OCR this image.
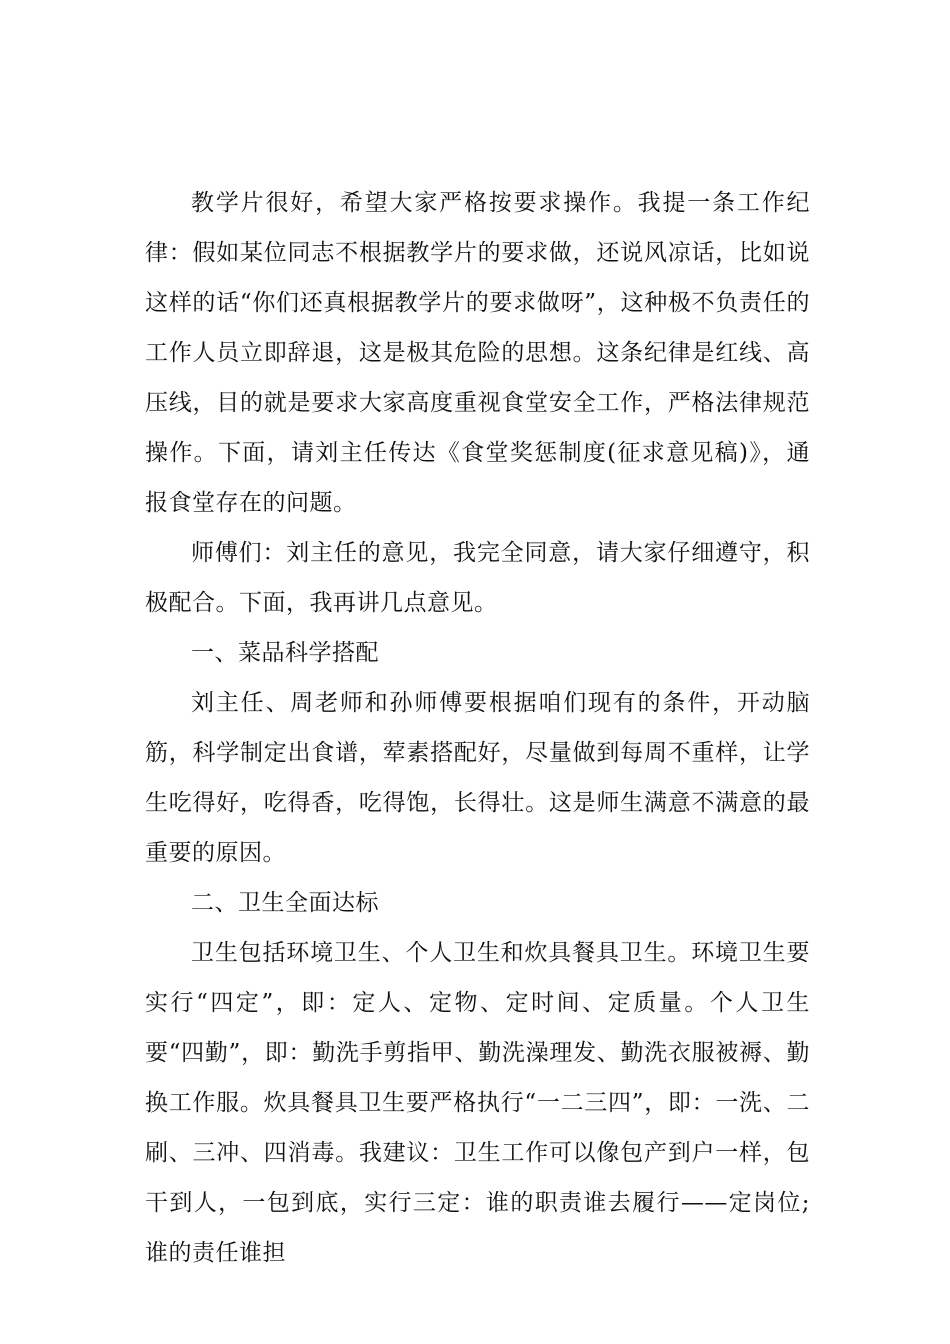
教学片很好，希望大家严格按要求操作。我提一条工作纪律：假如某位同志不根据教学片的要求做，还说风凉话，比如说这样的话“你们还真根据教学片的要求做呀”，这种极不负责任的工作人员立即辞退，这是极其危险的思想。这条纪律是红线、高压线，目的就是要求大家高度重视食堂安全工作，严格法律规范操作。下面，请刘主任传达《食堂奖惩制度(征求意见稿)》，通报食堂存在的问题。

师傅们：刘主任的意见，我完全同意，请大家仔细遵守，积极配合。下面，我再讲几点意见。

一、菜品科学搭配

刘主任、周老师和孙师傅要根据咱们现有的条件，开动脑筋，科学制定出食谱，荤素搭配好，尽量做到每周不重样，让学生吃得好，吃得香，吃得饱，长得壮。这是师生满意不满意的最重要的原因。

二、卫生全面达标

卫生包括环境卫生、个人卫生和炊具餐具卫生。环境卫生要实行“四定”，即：定人、定物、定时间、定质量。个人卫生要“四勤”，即：勤洗手剪指甲、勤洗澡理发、勤洗衣服被褥、勤换工作服。炊具餐具卫生要严格执行“一二三四”，即：一洗、二刷、三冲、四消毒。我建议：卫生工作可以像包产到户一样，包干到人，一包到底，实行三定：谁的职责谁去履行——定岗位;谁的责任谁担
